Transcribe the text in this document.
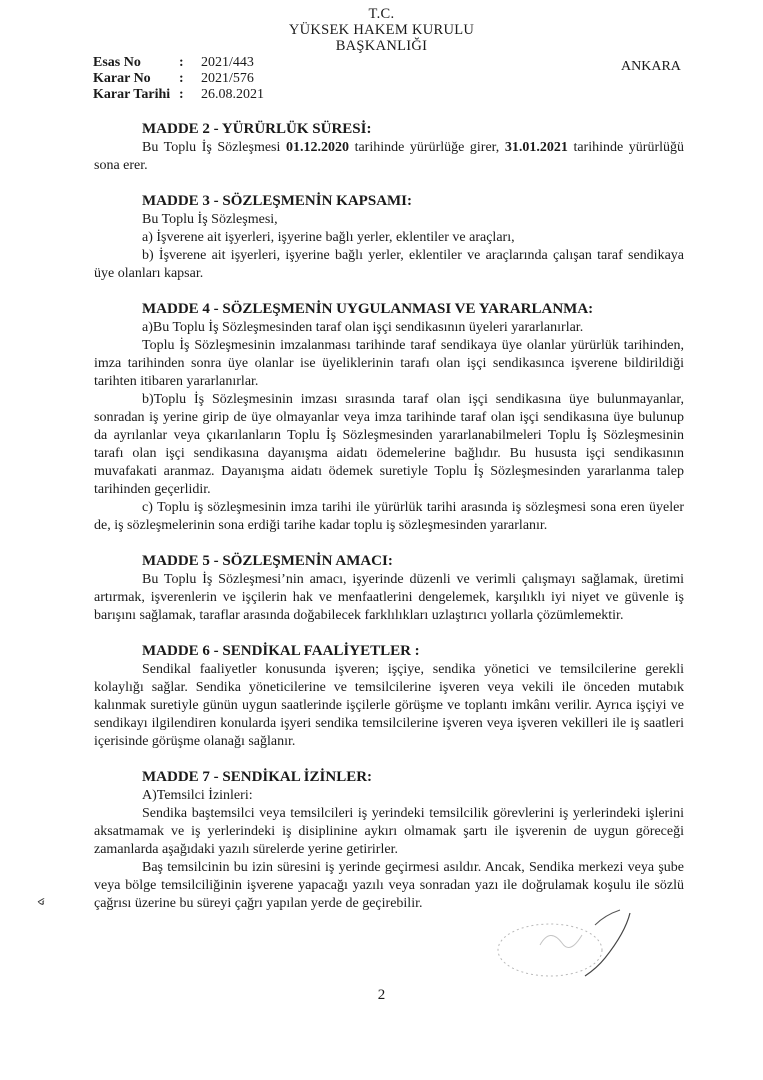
T.C.
YÜKSEK HAKEM KURULU
BAŞKANLIĞI
Esas No	:	2021/443
Karar No	:	2021/576
Karar Tarihi :	26.08.2021
ANKARA
MADDE 2 - YÜRÜRLÜK SÜRESİ:

Bu Toplu İş Sözleşmesi 01.12.2020 tarihinde yürürlüğe girer, 31.01.2021 tarihinde yürürlüğü sona erer.

MADDE 3 - SÖZLEŞMENİN KAPSAMI:

Bu Toplu İş Sözleşmesi,

a) İşverene ait işyerleri, işyerine bağlı yerler, eklentiler ve araçları,

b) İşverene ait işyerleri, işyerine bağlı yerler, eklentiler ve araçlarında çalışan taraf sendikaya üye olanları kapsar.

MADDE 4 - SÖZLEŞMENİN UYGULANMASI VE YARARLANMA:

a)Bu Toplu İş Sözleşmesinden taraf olan işçi sendikasının üyeleri yararlanırlar.

Toplu İş Sözleşmesinin imzalanması tarihinde taraf sendikaya üye olanlar yürürlük tarihinden, imza tarihinden sonra üye olanlar ise üyeliklerinin tarafı olan işçi sendikasınca işverene bildirildiği tarihten itibaren yararlanırlar.

b)Toplu İş Sözleşmesinin imzası sırasında taraf olan işçi sendikasına üye bulunmayanlar, sonradan iş yerine girip de üye olmayanlar veya imza tarihinde taraf olan işçi sendikasına üye bulunup da ayrılanlar veya çıkarılanların Toplu İş Sözleşmesinden yararlanabilmeleri Toplu İş Sözleşmesinin tarafı olan işçi sendikasına dayanışma aidatı ödemelerine bağlıdır. Bu hususta işçi sendikasının muvafakati aranmaz. Dayanışma aidatı ödemek suretiyle Toplu İş Sözleşmesinden yararlanma talep tarihinden geçerlidir.

c) Toplu iş sözleşmesinin imza tarihi ile yürürlük tarihi arasında iş sözleşmesi sona eren üyeler de, iş sözleşmelerinin sona erdiği tarihe kadar toplu iş sözleşmesinden yararlanır.

MADDE 5 - SÖZLEŞMENİN AMACI:

Bu Toplu İş Sözleşmesi’nin amacı, işyerinde düzenli ve verimli çalışmayı sağlamak, üretimi artırmak, işverenlerin ve işçilerin hak ve menfaatlerini dengelemek, karşılıklı iyi niyet ve güvenle iş barışını sağlamak, taraflar arasında doğabilecek farklılıkları uzlaştırıcı yollarla çözümlemektir.

MADDE 6 - SENDİKAL FAALİYETLER :

Sendikal faaliyetler konusunda işveren; işçiye, sendika yönetici ve temsilcilerine gerekli kolaylığı sağlar. Sendika yöneticilerine ve temsilcilerine işveren veya vekili ile önceden mutabık kalınmak suretiyle günün uygun saatlerinde işçilerle görüşme ve toplantı imkânı verilir. Ayrıca işçiyi ve sendikayı ilgilendiren konularda işyeri sendika temsilcilerine işveren veya işveren vekilleri ile iş saatleri içerisinde görüşme olanağı sağlanır.

MADDE 7 - SENDİKAL İZİNLER:

A)Temsilci İzinleri:

Sendika baştemsilci veya temsilcileri iş yerindeki temsilcilik görevlerini iş yerlerindeki işlerini aksatmamak ve iş yerlerindeki iş disiplinine aykırı olmamak şartı ile işverenin de uygun göreceği zamanlarda aşağıdaki yazılı sürelerde yerine getirirler.

Baş temsilcinin bu izin süresini iş yerinde geçirmesi asıldır. Ancak, Sendika merkezi veya şube veya bölge temsilciliğinin işverene yapacağı yazılı veya sonradan yazı ile doğrulamak koşulu ile sözlü çağrısı üzerine bu süreyi çağrı yapılan yerde de geçirebilir.

ܬ
2
